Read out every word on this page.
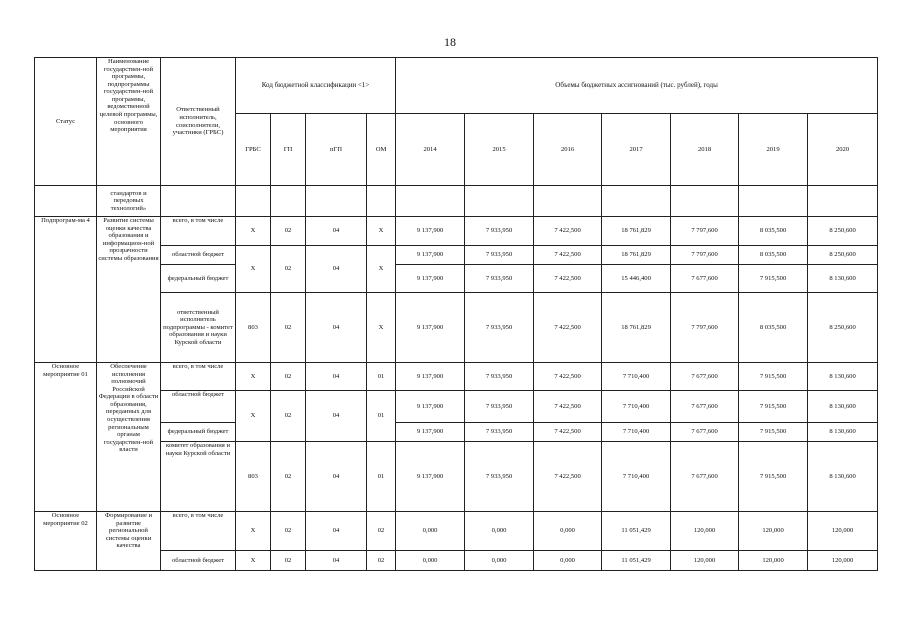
18
Статус	Наименование государствен-ной программы, подпрограммы государствен-ной программы, ведомственной целевой программы, основного мероприятия	Ответственный исполнитель, соисполнители, участники (ГРБС)	Код бюджетной классификации <1>				Объемы бюджетных ассигнований (тыс. рублей), годы						
			ГРБС	ГП	пГП	ОМ	2014	2015	2016	2017	2018	2019	2020
	стандартов и передовых технологий»												
Подпрограм-ма 4	Развитие системы оценки качества образования и информацион-ной прозрачности системы образования	всего, в том числе	Х	02	04	Х	9 137,900	7 933,950	7 422,500	18 761,829	7 797,600	8 035,500	8 250,600
		областной бюджет	Х	02	04	Х	9 137,900	7 933,950	7 422,500	18 761,829	7 797,600	8 035,500	8 250,600
		федеральный бюджет					9 137,900	7 933,950	7 422,500	15 446,400	7 677,600	7 915,500	8 130,600
		ответственный исполнитель подпрограммы - комитет образования и науки Курской области	803	02	04	Х	9 137,900	7 933,950	7 422,500	18 761,829	7 797,600	8 035,500	8 250,600
Основное мероприятие 01	Обеспечение исполнения полномочий Российской Федерации в области образования, переданных для осуществления региональным органам государствен-ной власти	всего, в том числе	Х	02	04	01	9 137,900	7 933,950	7 422,500	7 710,400	7 677,600	7 915,500	8 130,600
		областной бюджет	Х	02	04	01	9 137,900	7 933,950	7 422,500	7 710,400	7 677,600	7 915,500	8 130,600
		федеральный бюджет					9 137,900	7 933,950	7 422,500	7 710,400	7 677,600	7 915,500	8 130,600
		комитет образования и науки Курской области	803	02	04	01	9 137,900	7 933,950	7 422,500	7 710,400	7 677,600	7 915,500	8 130,600
Основное мероприятие 02	Формирование и развитие региональной системы оценки качества	всего, в том числе	Х	02	04	02	0,000	0,000	0,000	11 051,429	120,000	120,000	120,000
		областной бюджет	Х	02	04	02	0,000	0,000	0,000	11 051,429	120,000	120,000	120,000
